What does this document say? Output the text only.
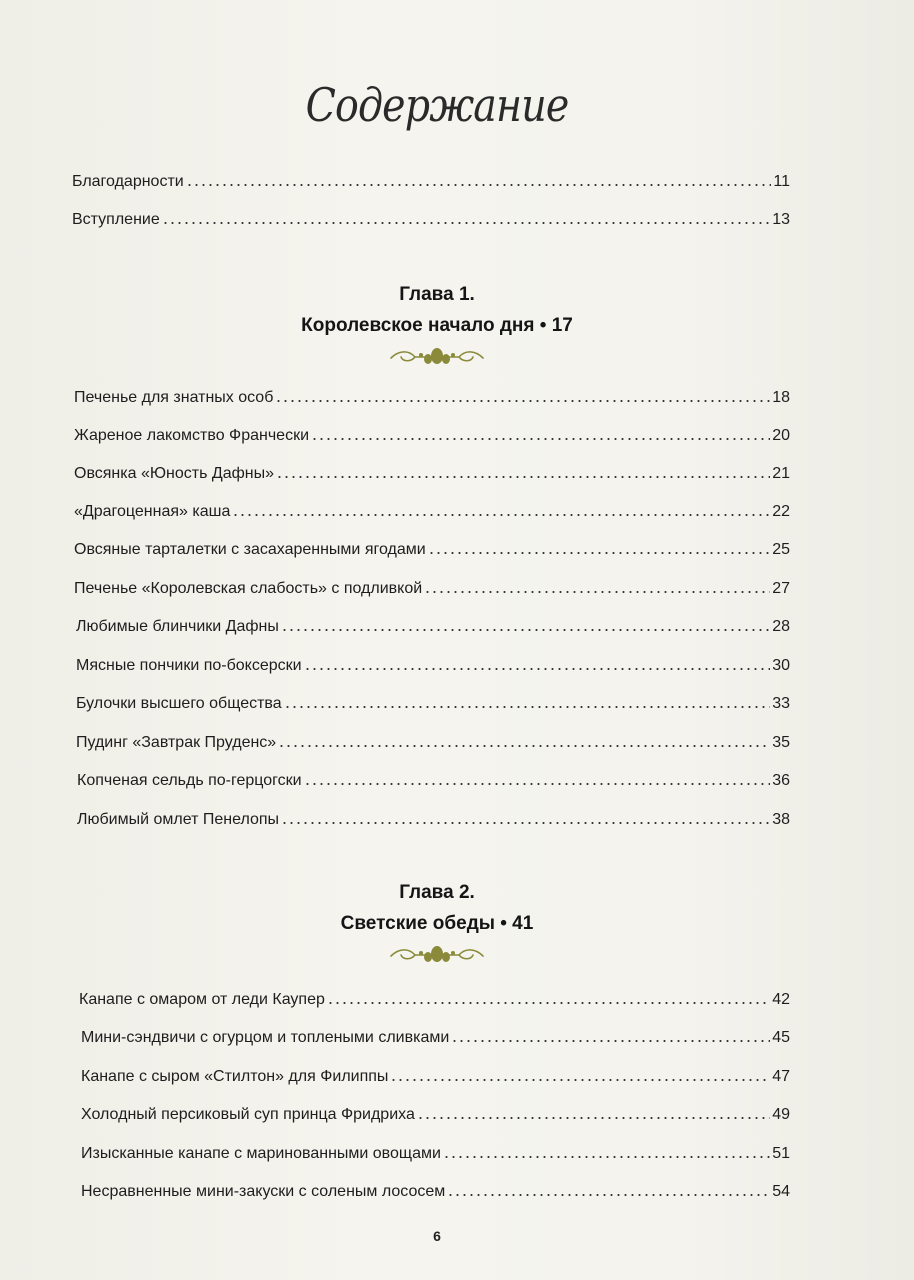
Содержание
Благодарности	11
Вступление	13
Глава 1.
Королевское начало дня • 17
Печенье для знатных особ	18
Жареное лакомство Франчески	20
Овсянка «Юность Дафны»	21
«Драгоценная» каша	22
Овсяные тарталетки с засахаренными ягодами	25
Печенье «Королевская слабость» с подливкой	27
Любимые блинчики Дафны	28
Мясные пончики по-боксерски	30
Булочки высшего общества	33
Пудинг «Завтрак Пруденс»	35
Копченая сельдь по-герцогски	36
Любимый омлет Пенелопы	38
Глава 2.
Светские обеды • 41
Канапе с омаром от леди Каупер	42
Мини-сэндвичи с огурцом и топлеными сливками	45
Канапе с сыром «Стилтон» для Филиппы	47
Холодный персиковый суп принца Фридриха	49
Изысканные канапе с маринованными овощами	51
Несравненные мини-закуски с соленым лососем	54
6
